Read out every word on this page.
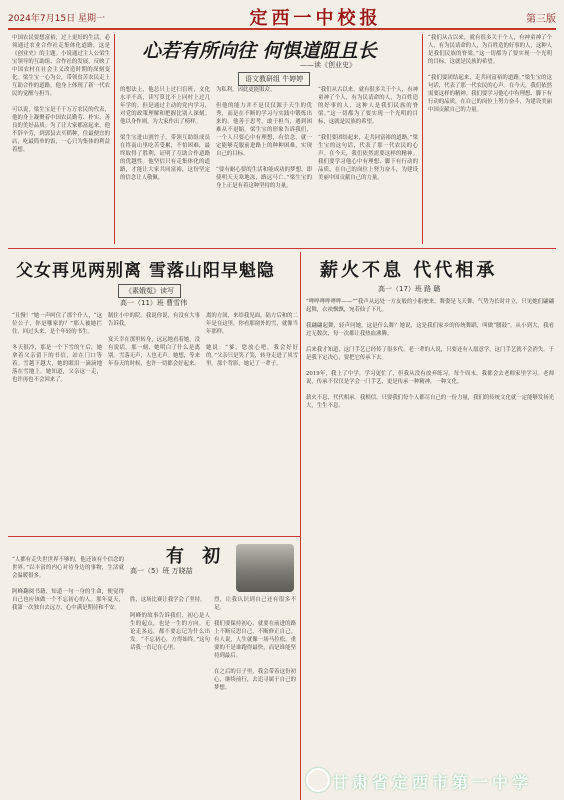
2024年7月15日 星期一	定西一中校报	第三版
心若有所向往 何惧道阻且长
——读《创业史》
语文教研组 牛婷婷
中国农民要想富裕，过上更好的生活，必须通过农业合作社走集体化道路，这是《创业史》的主题。小说通过主人公梁生宝领导的互助组、合作社的发展，反映了中国农村在社会主义改造时期的深刻变化。梁生宝一心为公，带领贫苦农民走上互助合作的道路，他身上体现了新一代农民的觉醒与担当。

可以说，梁生宝是千千万万农民的代表，他的身上凝聚着中国农民勤劳、朴实、善良的美好品质。为了让大家都富起来，他不辞辛劳，到郭县去买稻种，住最便宜的店，吃最简单的饭，一心只为集体的利益着想。
的想法上，他总只上过扫盲班，文化水平不高，读写算比不上同村上过几年学的。但是通过主动的党内学习，对党的政策理解和把握比别人深刻。他以身作则，为大家作出了榜样。

梁生宝进山割竹子，带领互助组成员在终南山里吃苦受累，不怕困难，最终取得了胜利，证明了互助合作道路的优越性。他坚信只有走集体化的道路，才能让大家共同富裕，这份坚定的信念让人敬佩。
为私利，因此更能服众。

但他的能力并不是仅仅源于天生的优秀，而是在不断的学习与实践中锻炼出来的。他善于思考，敢于担当，遇到困难从不退缩。梁生宝的形象告诉我们，一个人只要心中有理想，有信念，就一定能够克服前进路上的种种困难，实现自己的目标。

“要有耐心要的生活和能成功的梦想，即使明天天寒地冻，路远马亡。”梁生宝的身上正是有着这种坚持的力量。
“我们从古以来，就有很多关于个人，有神童神了个人，有为民请命的人，为百姓造的好事的人，这种人是我们民族的脊梁。”这一切都为了要实现一个光明的目标，这就是民族的希望。

“我们要团结起来，走共同富裕的道路。”梁生宝的这句话，代表了那一代农民的心声。在今天，我们依然需要这样的精神。我们要学习他心中有理想、脚下有行动的品质，在自己的岗位上努力奋斗，为建设美丽中国贡献自己的力量。
“我们从古以来，就有很多关于个人，有神童神了个人，有为民请命的人，为百姓造的好事的人，这种人是我们民族的脊梁。”这一切都为了要实现一个光明的目标，这就是民族的希望。

“我们要团结起来，走共同富裕的道路。”梁生宝的这句话，代表了那一代农民的心声。在今天，我们依然需要这样的精神。我们要学习他心中有理想、脚下有行动的品质，在自己的岗位上努力奋斗，为建设美丽中国贡献自己的力量。
父女再见两别离 雪落山阳早魁隐
《素娥冤》读写
高一（11）班 曹雪伟
“且慢！”她一声呵住了那个仆人，“这位公子，你是哪家的？”那人被她拦住，回过头来，是个年轻的书生。

冬天很冷，那是一个下雪的午后，她拿着父亲留下的书信，站在门口等着。雪越下越大，她的眼泪一滴滴地落在雪地上。她知道，父亲这一走，也许再也不会回来了。
制住小中的院。我说你说，有没有大事告诉我。

宴天幸在那里转身，远远地看着她，没有说话。那一刻，她明白了什么是离别。雪落无声，人也无声。她想，等来年春天的时候，也许一切都会好起来。
离的方间，来给我见面，陆方后和的二年是在这里，你看那窗外的雪，就像当年那样。

她说：“爹，您放心吧，我会好好的。”父亲只是笑了笑，转身走进了风雪里。那个背影，她记了一辈子。
薪火不息 代代相承
高一（17）班 路 璐
“哗哗哗哗哗哗——”“我声从远处一方友般的小船驶来，舞姿是飞天舞，气势为长时并立，只见她们翩翩起舞，衣袂飘飘，宛若仙子下凡。

我翩翩起舞，轻声问她，这是什么舞？她说，这是我们家乡的传统舞蹈，叫做“腰鼓”。从小到大，我看过无数次，每一次都让我热血沸腾。

后来我才知道，这门手艺已经传了很多代。老一辈的人说，只要还有人愿意学，这门手艺就不会消失。于是我下定决心，要把它传承下去。

2019年，我上了中学，学习更忙了，但我从没有放弃练习。每个周末，我都会去老师家里学习。老师说，传承不仅仅是学会一门手艺，更是传承一种精神，一种文化。

薪火不息，代代相承。我相信，只要我们每个人都尽自己的一份力量，我们的传统文化就一定能够发扬光大，生生不息。
有 初
高一（5）班 万晓喆
“人都有走失世世界不够的，他还该有个信念的世界。”以丰富的内心对待身边的事物，生活就会温暖很多。

阿峰翻阅书籍，知道一句一身的生命，便觉得自己也应该做一个不忘初心的人。那年夏天，我第一次独自去远方，心中满是期待和不安。
胜，这场比赛让我学会了坚持。

阿峰的故事告诉我们，初心是人生的起点，也是一生的方向。无论走多远，都不要忘记为什么出发。“不忘初心，方得始终。”这句话我一直记在心里。
烈，让我认识到自己还有很多不足。

我们要保持初心，就要在前进的路上不断反思自己，不断修正自己。有人说，人生就像一场马拉松，重要的不是谁跑得最快，而是谁能坚持到最后。

在之后的日子里，我会带着这份初心，继续前行，去追寻属于自己的梦想。
甘肃省定西市第一中学
